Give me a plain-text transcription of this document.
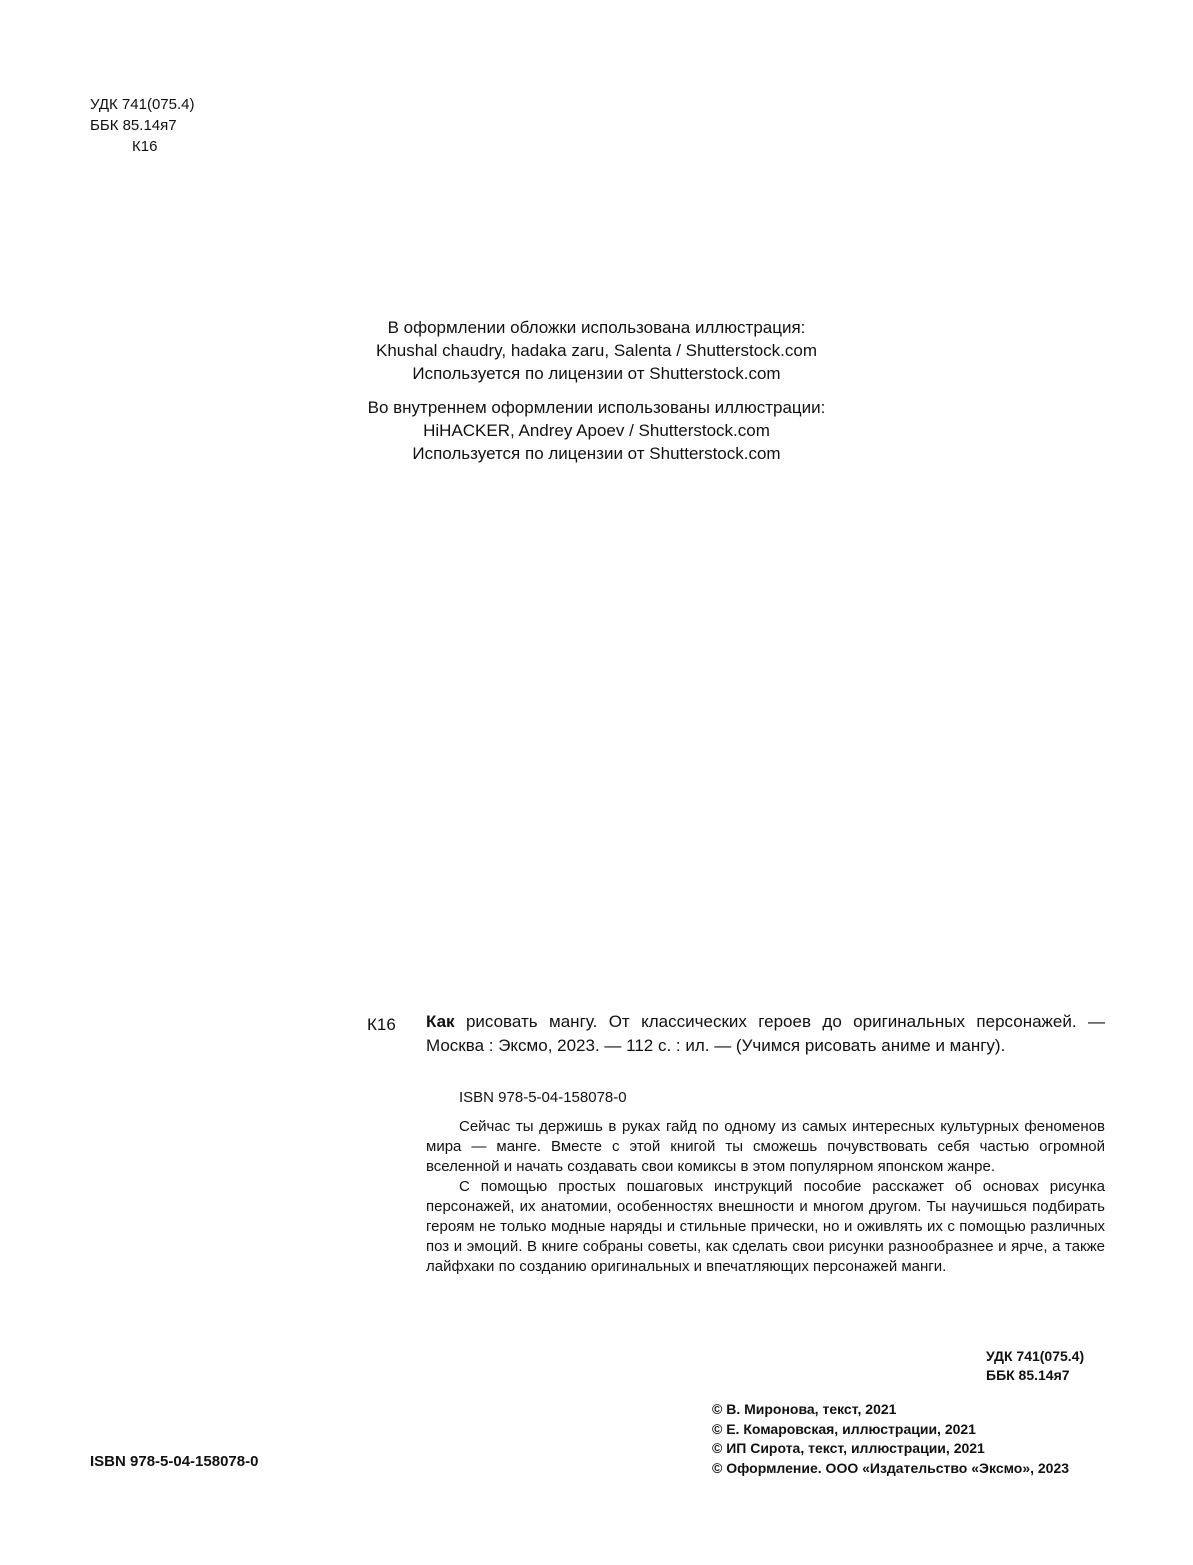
УДК 741(075.4)
ББК 85.14я7
К16
В оформлении обложки использована иллюстрация:
Khushal chaudry, hadaka zaru, Salenta / Shutterstock.com
Используется по лицензии от Shutterstock.com
Во внутреннем оформлении использованы иллюстрации:
HiHACKER, Andrey Apoev / Shutterstock.com
Используется по лицензии от Shutterstock.com
К16 Как рисовать мангу. От классических героев до оригинальных персонажей. — Москва : Эксмо, 2023. — 112 с. : ил. — (Учимся рисовать аниме и мангу).
ISBN 978-5-04-158078-0

Сейчас ты держишь в руках гайд по одному из самых интересных культурных феноменов мира — манге. Вместе с этой книгой ты сможешь почувствовать себя частью огромной вселенной и начать создавать свои комиксы в этом популярном японском жанре.

С помощью простых пошаговых инструкций пособие расскажет об основах рисунка персонажей, их анатомии, особенностях внешности и многом другом. Ты научишься подбирать героям не только модные наряды и стильные прически, но и оживлять их с помощью различных поз и эмоций. В книге собраны советы, как сделать свои рисунки разнообразнее и ярче, а также лайфхаки по созданию оригинальных и впечатляющих персонажей манги.

УДК 741(075.4)
ББК 85.14я7
ISBN 978-5-04-158078-0
© В. Миронова, текст, 2021
© Е. Комаровская, иллюстрации, 2021
© ИП Сирота, текст, иллюстрации, 2021
© Оформление. ООО «Издательство «Эксмо», 2023
